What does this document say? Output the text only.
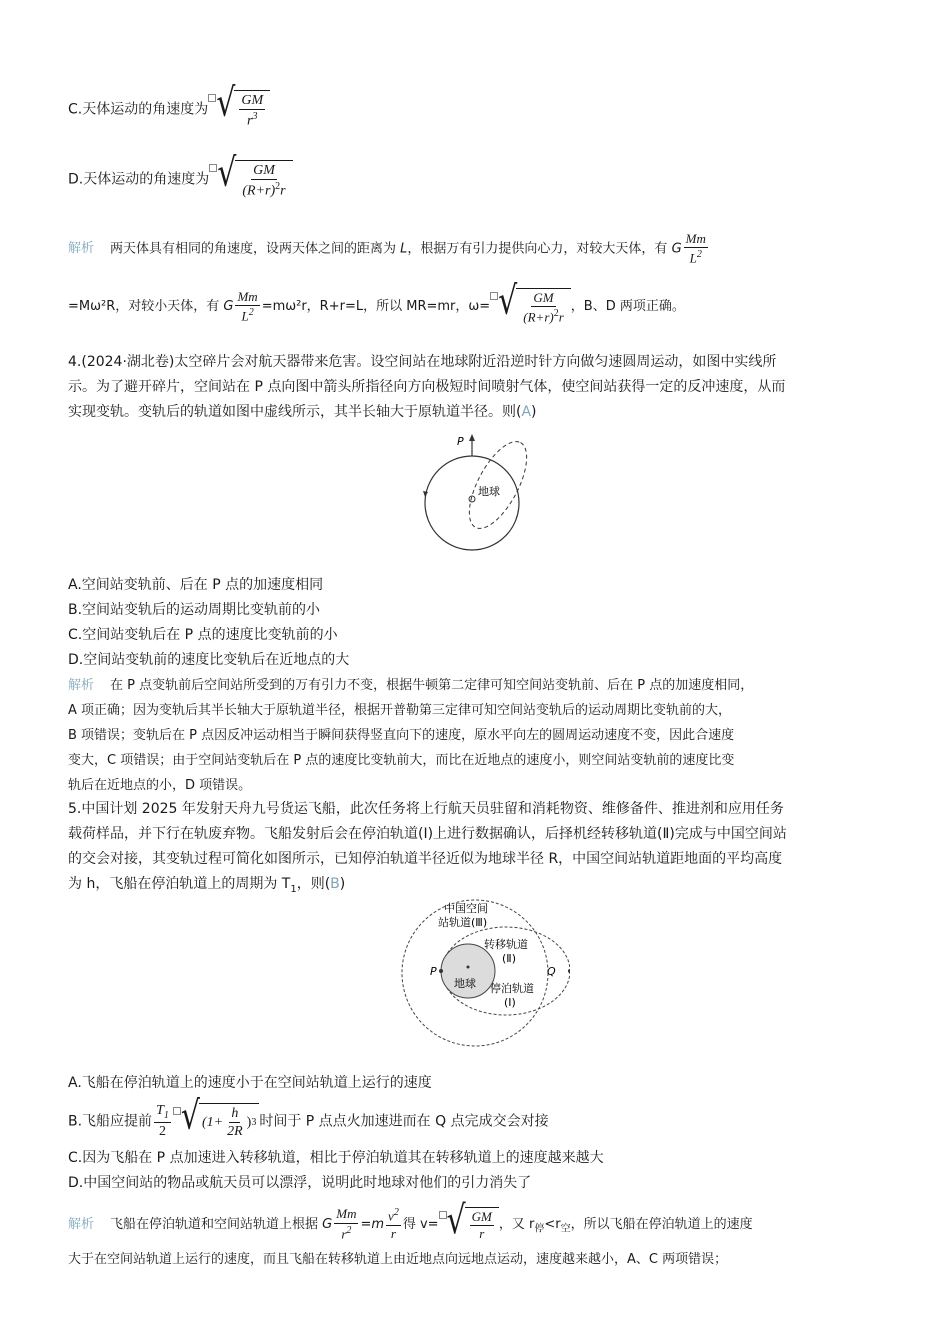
C.天体运动的角速度为 √ $\frac{GM}{r^3}$
D.天体运动的角速度为 √ $\frac{GM}{(R+r)^2r}$
解析 两天体具有相同的角速度，设两天体之间的距离为 L，根据万有引力提供向心力，对较大天体，有 G $\frac{Mm}{L^2}$
=Mω²R，对较小天体，有 G $\frac{Mm}{L^2} =m\omega^2r$，R+r=L，所以 MR=mr，ω= √ $\frac{GM}{(R+r)^2r}$ ，B、D 两项正确。
4.(2024·湖北卷)太空碎片会对航天器带来危害。设空间站在地球附近沿逆时针方向做匀速圆周运动，如图中实线所
示。为了避开碎片，空间站在 P 点向图中箭头所指径向方向极短时间喷射气体，使空间站获得一定的反冲速度，从而
实现变轨。变轨后的轨道如图中虚线所示，其半长轴大于原轨道半径。则(A)
P
地球
A.空间站变轨前、后在 P 点的加速度相同
B.空间站变轨后的运动周期比变轨前的小
C.空间站变轨后在 P 点的速度比变轨前的小
D.空间站变轨前的速度比变轨后在近地点的大
解析 在 P 点变轨前后空间站所受到的万有引力不变，根据牛顿第二定律可知空间站变轨前、后在 P 点的加速度相同，
A 项正确；因为变轨后其半长轴大于原轨道半径，根据开普勒第三定律可知空间站变轨后的运动周期比变轨前的大，
B 项错误；变轨后在 P 点因反冲运动相当于瞬间获得竖直向下的速度，原水平向左的圆周运动速度不变，因此合速度
变大，C 项错误；由于空间站变轨后在 P 点的速度比变轨前大，而比在近地点的速度小，则空间站变轨前的速度比变
轨后在近地点的小，D 项错误。
5.中国计划 2025 年发射天舟九号货运飞船，此次任务将上行航天员驻留和消耗物资、维修备件、推进剂和应用任务
载荷样品，并下行在轨废弃物。飞船发射后会在停泊轨道(Ⅰ)上进行数据确认，后择机经转移轨道(Ⅱ)完成与中国空间站
的交会对接，其变轨过程可简化如图所示，已知停泊轨道半径近似为地球半径 R，中国空间站轨道距地面的平均高度
为 h，飞船在停泊轨道上的周期为 $T_1$，则(B)
地球
P	Q
中国空间
站轨道(Ⅲ)
转移轨道
(Ⅱ)
停泊轨道
(Ⅰ)
A.飞船在停泊轨道上的速度小于在空间站轨道上运行的速度
B.飞船应提前 $\frac{T_1}{2}$ √ ($1+ \frac{h}{2R}$ ) 3 时间于 P 点点火加速进而在 Q 点完成交会对接
C.因为飞船在 P 点加速进入转移轨道，相比于停泊轨道其在转移轨道上的速度越来越大
D.中国空间站的物品或航天员可以漂浮，说明此时地球对他们的引力消失了
解析 飞船在停泊轨道和空间站轨道上根据 G $\frac{Mm}{r^2} =m \frac{v^2}{r}$ 得 v= √ $\frac{GM}{r}$ ，又 $r_停<r_空$，所以飞船在停泊轨道上的速度
大于在空间站轨道上运行的速度，而且飞船在转移轨道上由近地点向远地点运动，速度越来越小，A、C 两项错误；
